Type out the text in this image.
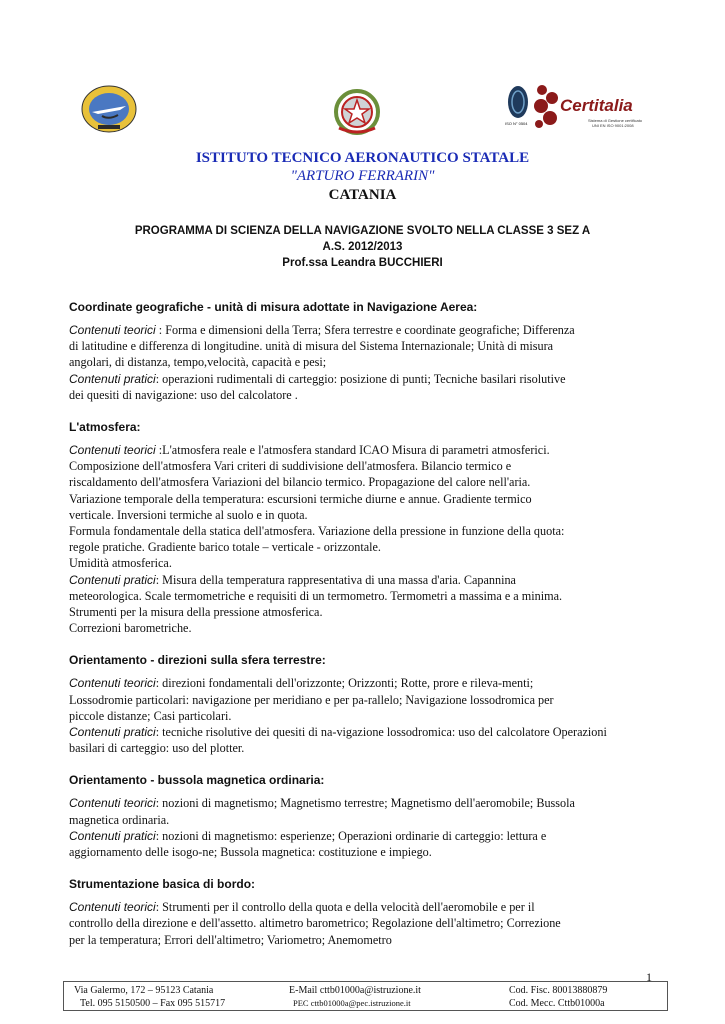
ISO N° 0504
Certitalia
Sistema di Gestione certificato
UNI EN ISO 9001:2008
ISTITUTO TECNICO AERONAUTICO STATALE
"ARTURO FERRARIN"
CATANIA
PROGRAMMA DI SCIENZA DELLA NAVIGAZIONE SVOLTO NELLA CLASSE 3 SEZ A
A.S. 2012/2013
Prof.ssa Leandra BUCCHIERI
Coordinate geografiche - unità di misura adottate in Navigazione Aerea:
Contenuti teorici : Forma e dimensioni della Terra; Sfera terrestre e coordinate geografiche; Differenza
di latitudine e differenza di longitudine. unità di misura del Sistema Internazionale; Unità di misura
angolari, di distanza, tempo,velocità, capacità e pesi;
Contenuti pratici: operazioni rudimentali di carteggio: posizione di punti; Tecniche basilari risolutive
dei quesiti di navigazione: uso del calcolatore .
L'atmosfera:
Contenuti teorici :L'atmosfera reale e l'atmosfera standard ICAO Misura di parametri atmosferici.
Composizione dell'atmosfera Vari criteri di suddivisione dell'atmosfera. Bilancio termico e
riscaldamento dell'atmosfera Variazioni del bilancio termico. Propagazione del calore nell'aria.
Variazione temporale della temperatura: escursioni termiche diurne e annue. Gradiente termico
verticale. Inversioni termiche al suolo e in quota.
Formula fondamentale della statica dell'atmosfera. Variazione della pressione in funzione della quota:
regole pratiche. Gradiente barico totale – verticale - orizzontale.
Umidità atmosferica.
Contenuti pratici: Misura della temperatura rappresentativa di una massa d'aria. Capannina
meteorologica. Scale termometriche e requisiti di un termometro. Termometri a massima e a minima.
Strumenti per la misura della pressione atmosferica.
Correzioni barometriche.
Orientamento - direzioni sulla sfera terrestre:
Contenuti teorici: direzioni fondamentali dell'orizzonte; Orizzonti; Rotte, prore e rileva-menti;
Lossodromie particolari: navigazione per meridiano e per pa-rallelo; Navigazione lossodromica per
piccole distanze; Casi particolari.
Contenuti pratici: tecniche risolutive dei quesiti di na-vigazione lossodromica: uso del calcolatore Operazioni
basilari di carteggio: uso del plotter.
Orientamento - bussola magnetica ordinaria:
Contenuti teorici: nozioni di magnetismo; Magnetismo terrestre; Magnetismo dell'aeromobile; Bussola
magnetica ordinaria.
Contenuti pratici: nozioni di magnetismo: esperienze; Operazioni ordinarie di carteggio: lettura e
aggiornamento delle isogo-ne; Bussola magnetica: costituzione e impiego.
Strumentazione basica di bordo:
Contenuti teorici: Strumenti per il controllo della quota e della velocità dell'aeromobile e per il
controllo della direzione e dell'assetto. altimetro barometrico; Regolazione dell'altimetro; Correzione
per la temperatura; Errori dell'altimetro; Variometro; Anemometro
1
Via Galermo, 172 – 95123 Catania
Tel. 095 5150500 – Fax 095 515717
E-Mail cttb01000a@istruzione.it
PEC cttb01000a@pec.istruzione.it
Cod. Fisc. 80013880879
Cod. Mecc. Cttb01000a
